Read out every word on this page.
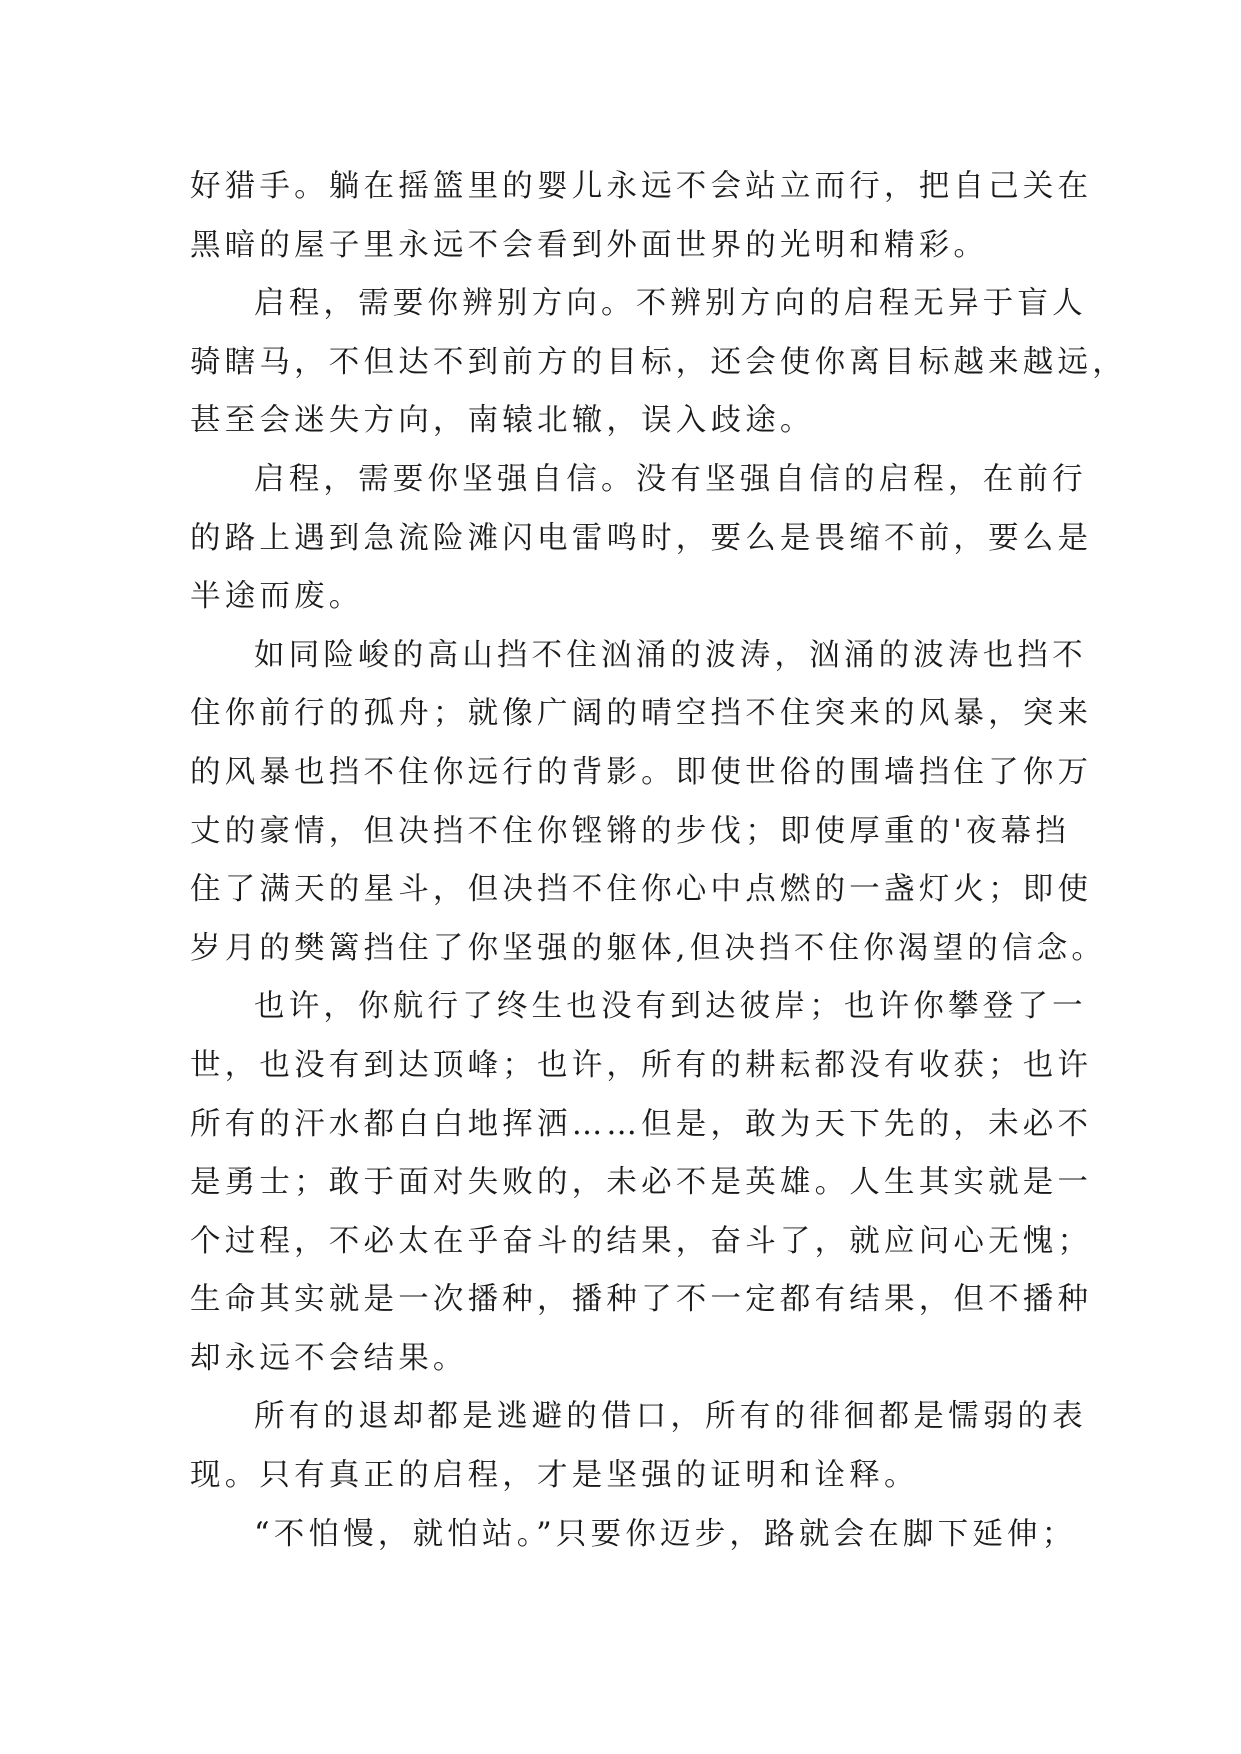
好猎手。躺在摇篮里的婴儿永远不会站立而行，把自己关在
黑暗的屋子里永远不会看到外面世界的光明和精彩。
启程，需要你辨别方向。不辨别方向的启程无异于盲人
骑瞎马，不但达不到前方的目标，还会使你离目标越来越远，
甚至会迷失方向，南辕北辙，误入歧途。
启程，需要你坚强自信。没有坚强自信的启程，在前行
的路上遇到急流险滩闪电雷鸣时，要么是畏缩不前，要么是
半途而废。
如同险峻的高山挡不住汹涌的波涛，汹涌的波涛也挡不
住你前行的孤舟；就像广阔的晴空挡不住突来的风暴，突来
的风暴也挡不住你远行的背影。即使世俗的围墙挡住了你万
丈的豪情，但决挡不住你铿锵的步伐；即使厚重的'夜幕挡
住了满天的星斗，但决挡不住你心中点燃的一盏灯火；即使
岁月的樊篱挡住了你坚强的躯体,但决挡不住你渴望的信念。
也许，你航行了终生也没有到达彼岸；也许你攀登了一
世，也没有到达顶峰；也许，所有的耕耘都没有收获；也许
所有的汗水都白白地挥洒……但是，敢为天下先的，未必不
是勇士；敢于面对失败的，未必不是英雄。人生其实就是一
个过程，不必太在乎奋斗的结果，奋斗了，就应问心无愧；
生命其实就是一次播种，播种了不一定都有结果，但不播种
却永远不会结果。
所有的退却都是逃避的借口，所有的徘徊都是懦弱的表
现。只有真正的启程，才是坚强的证明和诠释。
“不怕慢，就怕站。”只要你迈步，路就会在脚下延伸；
